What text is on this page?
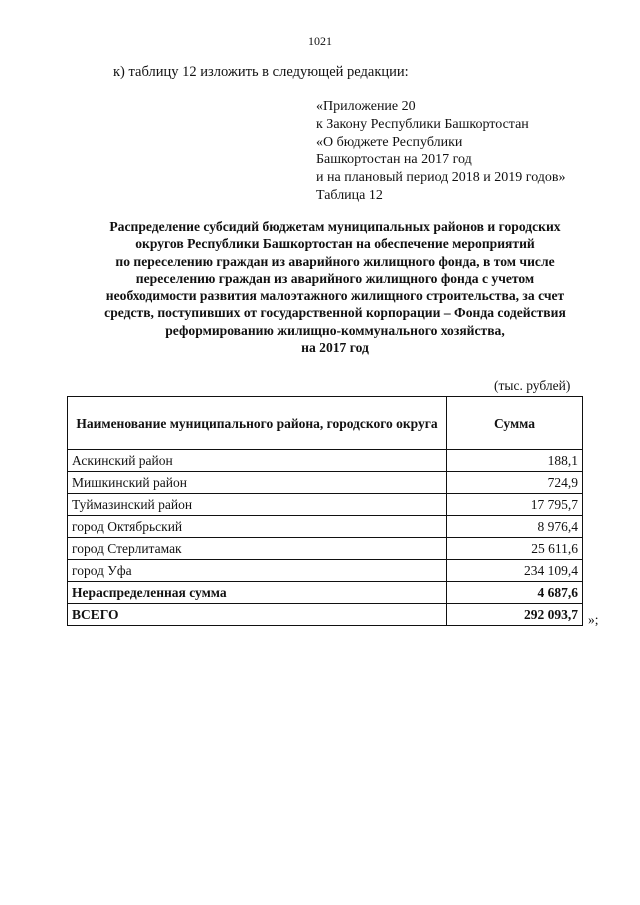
1021
к) таблицу 12 изложить в следующей редакции:
«Приложение 20
к Закону Республики Башкортостан
«О бюджете Республики
Башкортостан на 2017 год
и на плановый период 2018 и 2019 годов»
Таблица 12
Распределение субсидий бюджетам муниципальных районов и городских
округов Республики Башкортостан на обеспечение мероприятий
по переселению граждан из аварийного жилищного фонда, в том числе
переселению граждан из аварийного жилищного фонда с учетом
необходимости развития малоэтажного жилищного строительства, за счет
средств, поступивших от государственной корпорации – Фонда содействия
реформированию жилищно-коммунального хозяйства,
на 2017 год
(тыс. рублей)
Наименование муниципального района, городского округа	Сумма
Аскинский район	188,1
Мишкинский район	724,9
Туймазинский район	17 795,7
город Октябрьский	8 976,4
город Стерлитамак	25 611,6
город Уфа	234 109,4
Нераспределенная сумма	4 687,6
ВСЕГО	292 093,7 »;
